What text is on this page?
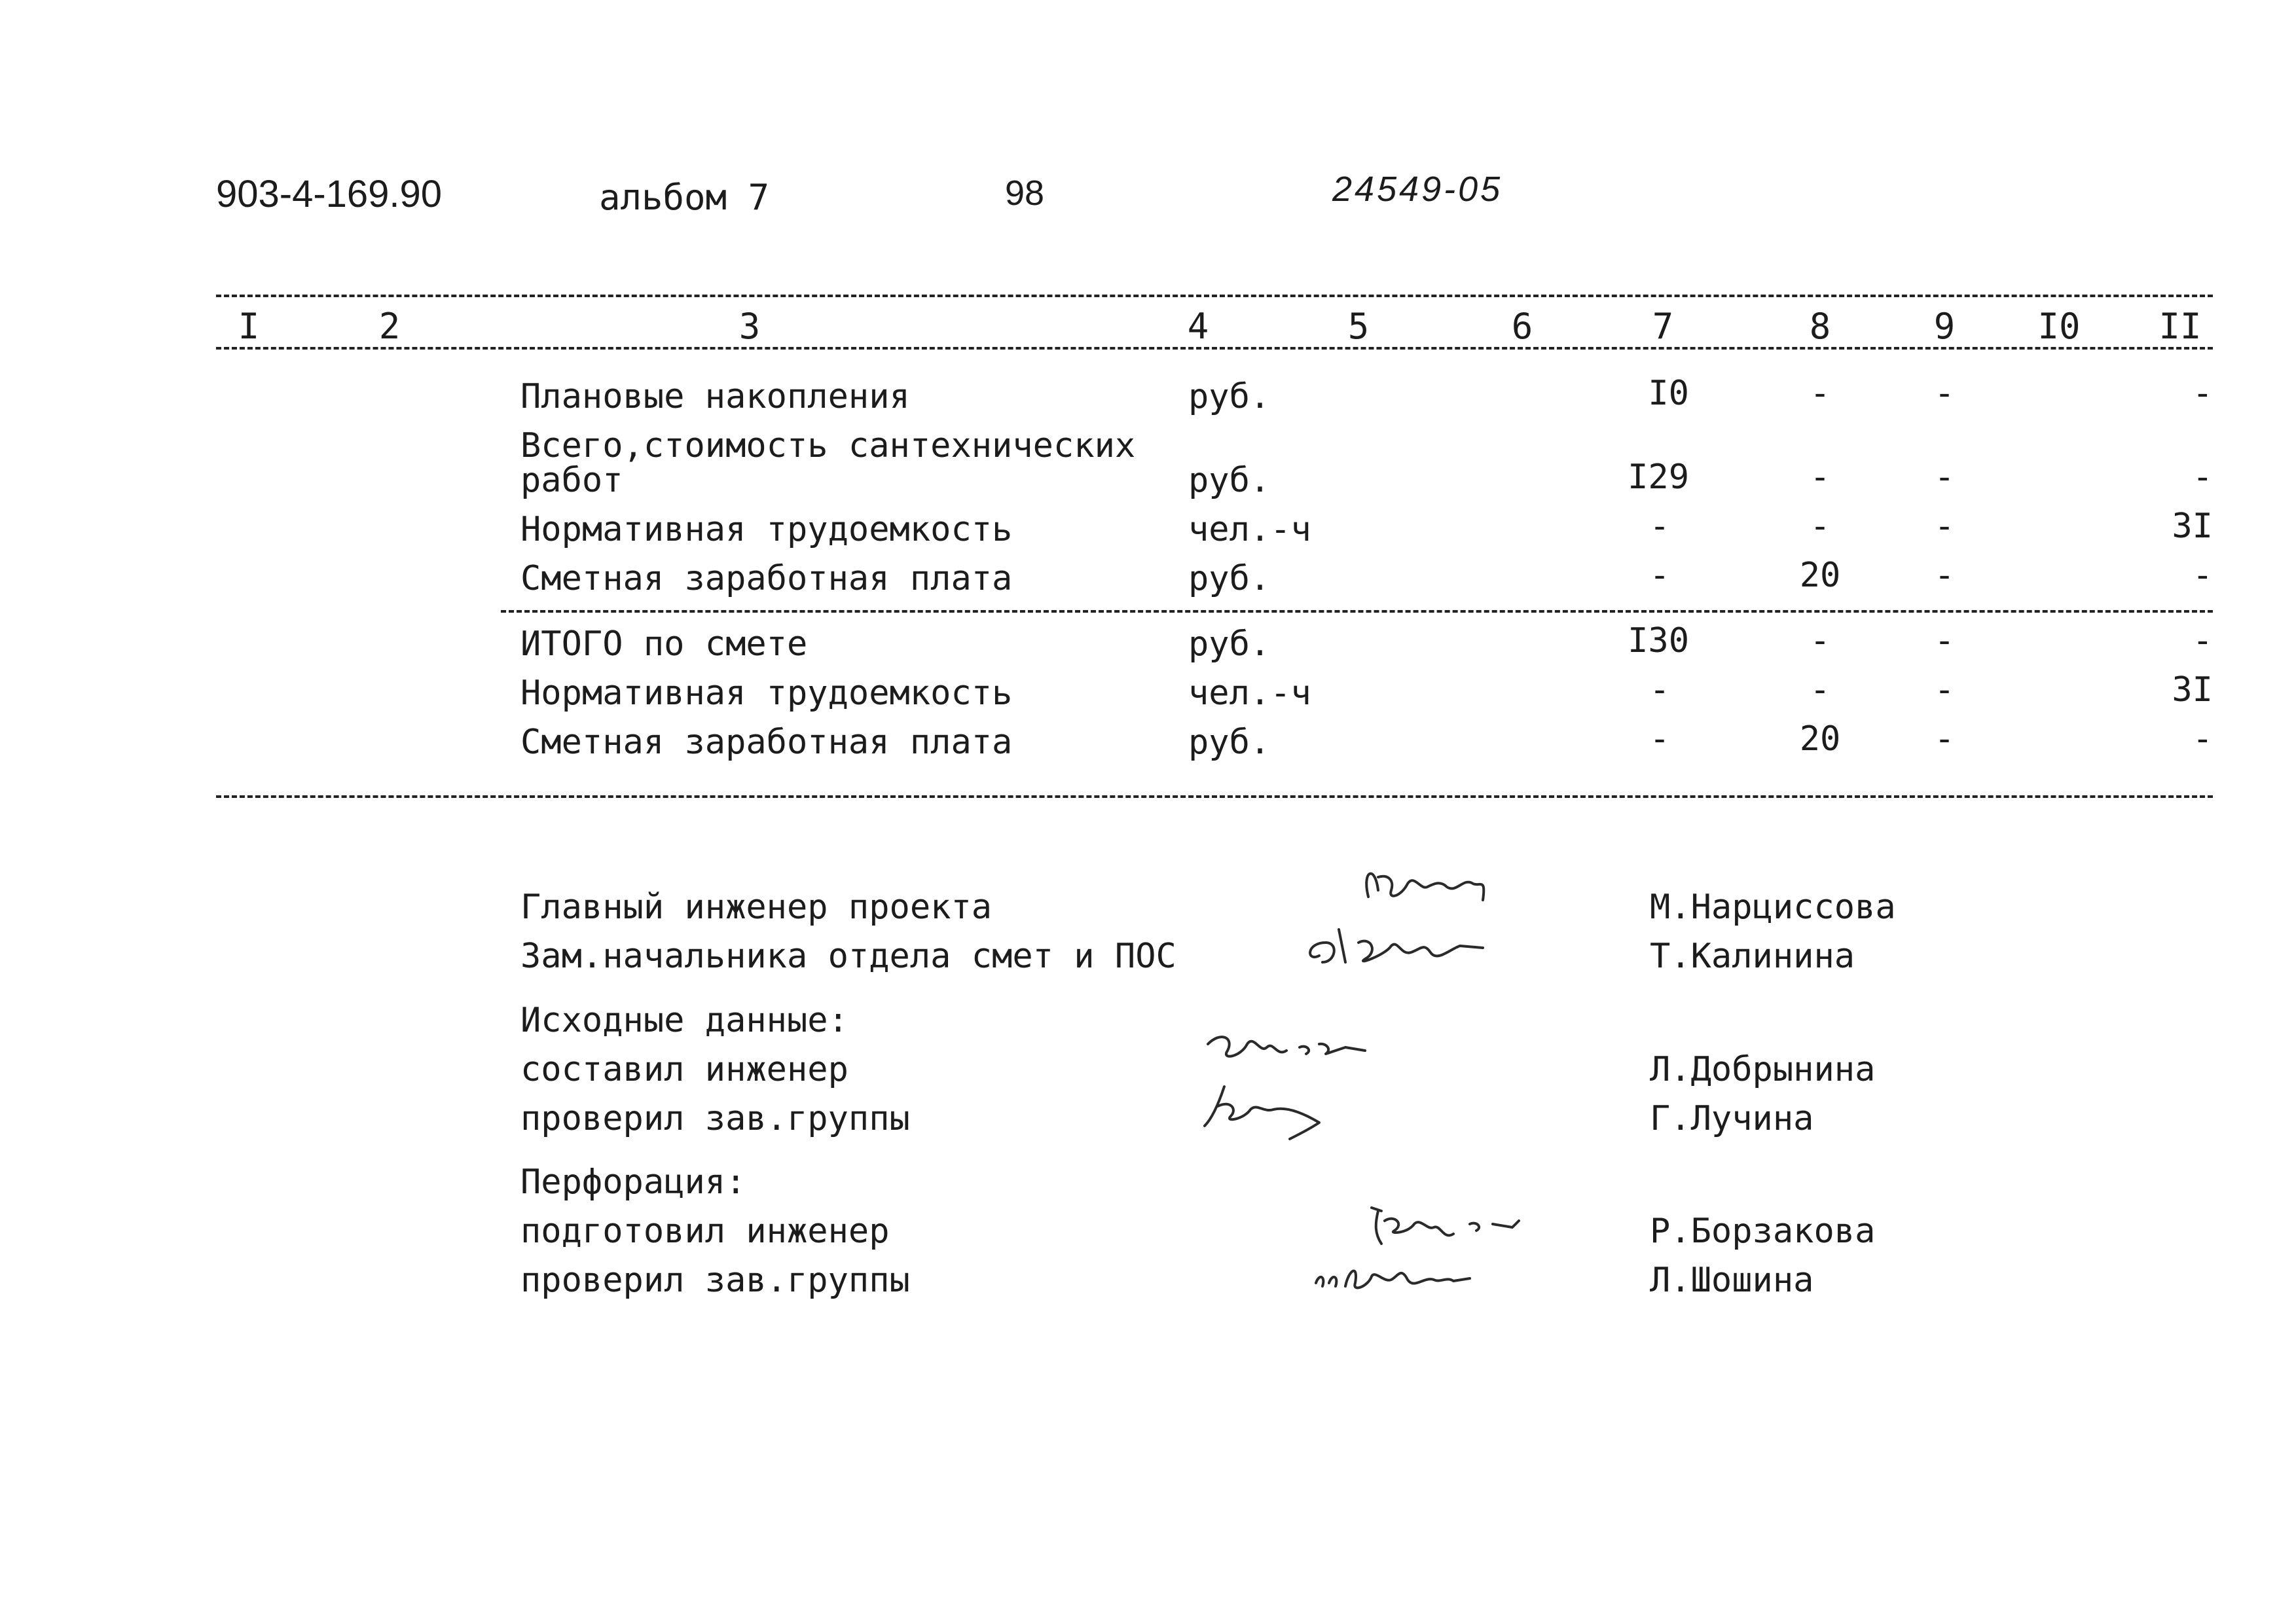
903-4-169.90	альбом 7	98	24549-05
I	2	3	4	5	6	7	8	9	I0	II
Плановые накопления	руб.	I0	-	-	-
Всего,стоимость сантехнических
работ	руб.	I29	-	-	-
Нормативная трудоемкость	чел.-ч	-	-	-	3I
Сметная заработная плата	руб.	-	20	-	-
ИТОГО по смете	руб.	I30	-	-	-
Нормативная трудоемкость	чел.-ч	-	-	-	3I
Сметная заработная плата	руб.	-	20	-	-
Главный инженер проекта	М.Нарциссова
Зам.начальника отдела смет и ПОС	Т.Калинина
Исходные данные:
составил инженер	Л.Добрынина
проверил зав.группы	Г.Лучина
Перфорация:
подготовил инженер	Р.Борзакова
проверил зав.группы	Л.Шошина
